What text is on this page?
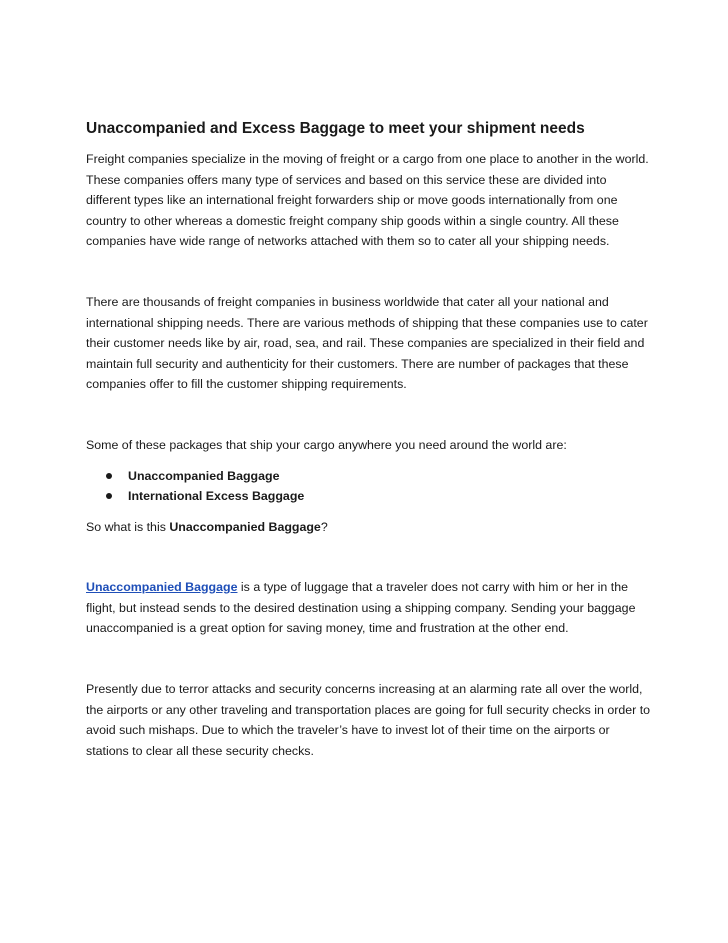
Unaccompanied and Excess Baggage to meet your shipment needs

Freight companies specialize in the moving of freight or a cargo from one place to another in the world. These companies offers many type of services and based on this service these are divided into different types like an international freight forwarders ship or move goods internationally from one country to other whereas a domestic freight company ship goods within a single country. All these companies have wide range of networks attached with them so to cater all your shipping needs.

There are thousands of freight companies in business worldwide that cater all your national and international shipping needs. There are various methods of shipping that these companies use to cater their customer needs like by air, road, sea, and rail. These companies are specialized in their field and maintain full security and authenticity for their customers. There are number of packages that these companies offer to fill the customer shipping requirements.

Some of these packages that ship your cargo anywhere you need around the world are:

Unaccompanied Baggage
International Excess Baggage

So what is this Unaccompanied Baggage?

Unaccompanied Baggage is a type of luggage that a traveler does not carry with him or her in the flight, but instead sends to the desired destination using a shipping company. Sending your baggage unaccompanied is a great option for saving money, time and frustration at the other end.

Presently due to terror attacks and security concerns increasing at an alarming rate all over the world, the airports or any other traveling and transportation places are going for full security checks in order to avoid such mishaps. Due to which the traveler’s have to invest lot of their time on the airports or stations to clear all these security checks.
